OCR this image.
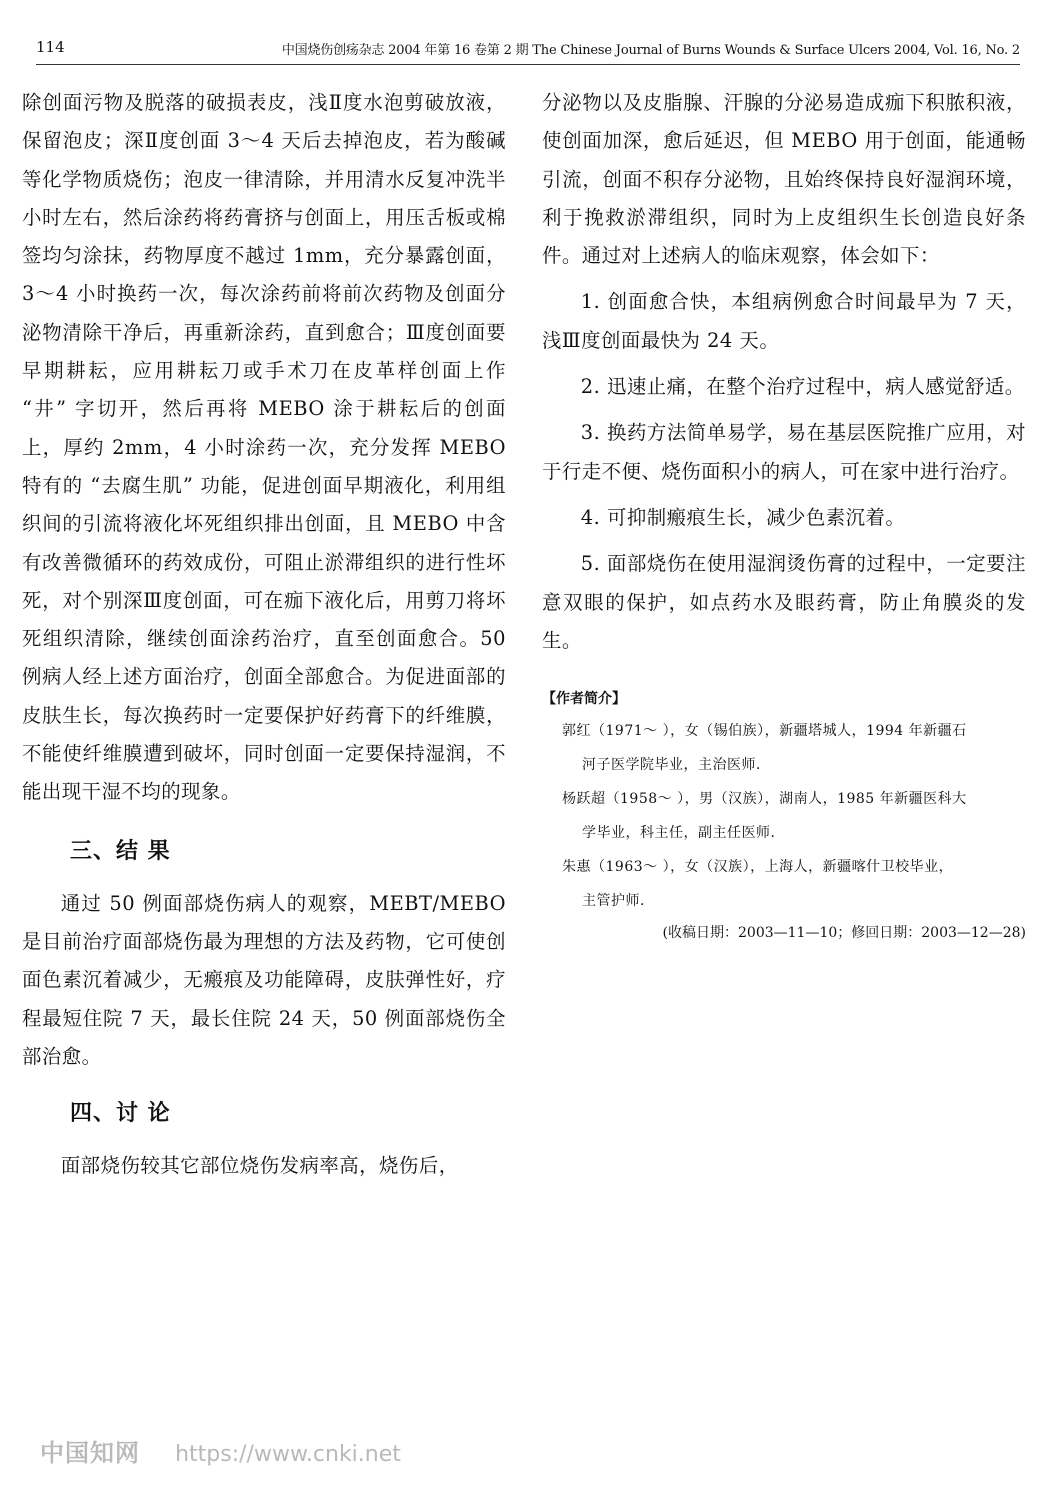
114	中国烧伤创疡杂志 2004 年第 16 卷第 2 期 The Chinese Journal of Burns Wounds & Surface Ulcers 2004, Vol. 16, No. 2

除创面污物及脱落的破损表皮，浅Ⅱ度水泡剪破放液，保留泡皮；深Ⅱ度创面 3～4 天后去掉泡皮，若为酸碱等化学物质烧伤；泡皮一律清除，并用清水反复冲洗半小时左右，然后涂药将药膏挤与创面上，用压舌板或棉签均匀涂抹，药物厚度不越过 1mm，充分暴露创面，3～4 小时换药一次，每次涂药前将前次药物及创面分泌物清除干净后，再重新涂药，直到愈合；Ⅲ度创面要早期耕耘，应用耕耘刀或手术刀在皮革样创面上作 “井” 字切开，然后再将 MEBO 涂于耕耘后的创面上，厚约 2mm，4 小时涂药一次，充分发挥 MEBO 特有的 “去腐生肌” 功能，促进创面早期液化，利用组织间的引流将液化坏死组织排出创面，且 MEBO 中含有改善微循环的药效成份，可阻止淤滞组织的进行性坏死，对个别深Ⅲ度创面，可在痂下液化后，用剪刀将坏死组织清除，继续创面涂药治疗，直至创面愈合。50 例病人经上述方面治疗，创面全部愈合。为促进面部的皮肤生长，每次换药时一定要保护好药膏下的纤维膜，不能使纤维膜遭到破坏，同时创面一定要保持湿润，不能出现干湿不均的现象。

三、结 果

通过 50 例面部烧伤病人的观察，MEBT/MEBO 是目前治疗面部烧伤最为理想的方法及药物，它可使创面色素沉着减少，无瘢痕及功能障碍，皮肤弹性好，疗程最短住院 7 天，最长住院 24 天，50 例面部烧伤全部治愈。

四、讨 论

面部烧伤较其它部位烧伤发病率高，烧伤后，

分泌物以及皮脂腺、汗腺的分泌易造成痂下积脓积液，使创面加深，愈后延迟，但 MEBO 用于创面，能通畅引流，创面不积存分泌物，且始终保持良好湿润环境，利于挽救淤滞组织，同时为上皮组织生长创造良好条件。通过对上述病人的临床观察，体会如下：

1. 创面愈合快，本组病例愈合时间最早为 7 天，浅Ⅲ度创面最快为 24 天。

2. 迅速止痛，在整个治疗过程中，病人感觉舒适。

3. 换药方法简单易学，易在基层医院推广应用，对于行走不便、烧伤面积小的病人，可在家中进行治疗。

4. 可抑制瘢痕生长，减少色素沉着。

5. 面部烧伤在使用湿润烫伤膏的过程中，一定要注意双眼的保护，如点药水及眼药膏，防止角膜炎的发生。

【作者简介】

郭红（1971～ ），女（锡伯族），新疆塔城人，1994 年新疆石
河子医学院毕业，主治医师．
杨跃超（1958～ ），男（汉族），湖南人，1985 年新疆医科大
学毕业，科主任，副主任医师．
朱惠（1963～ ），女（汉族），上海人，新疆喀什卫校毕业，
主管护师．

(收稿日期：2003—11—10；修回日期：2003—12—28)

中国知网 https://www.cnki.net
